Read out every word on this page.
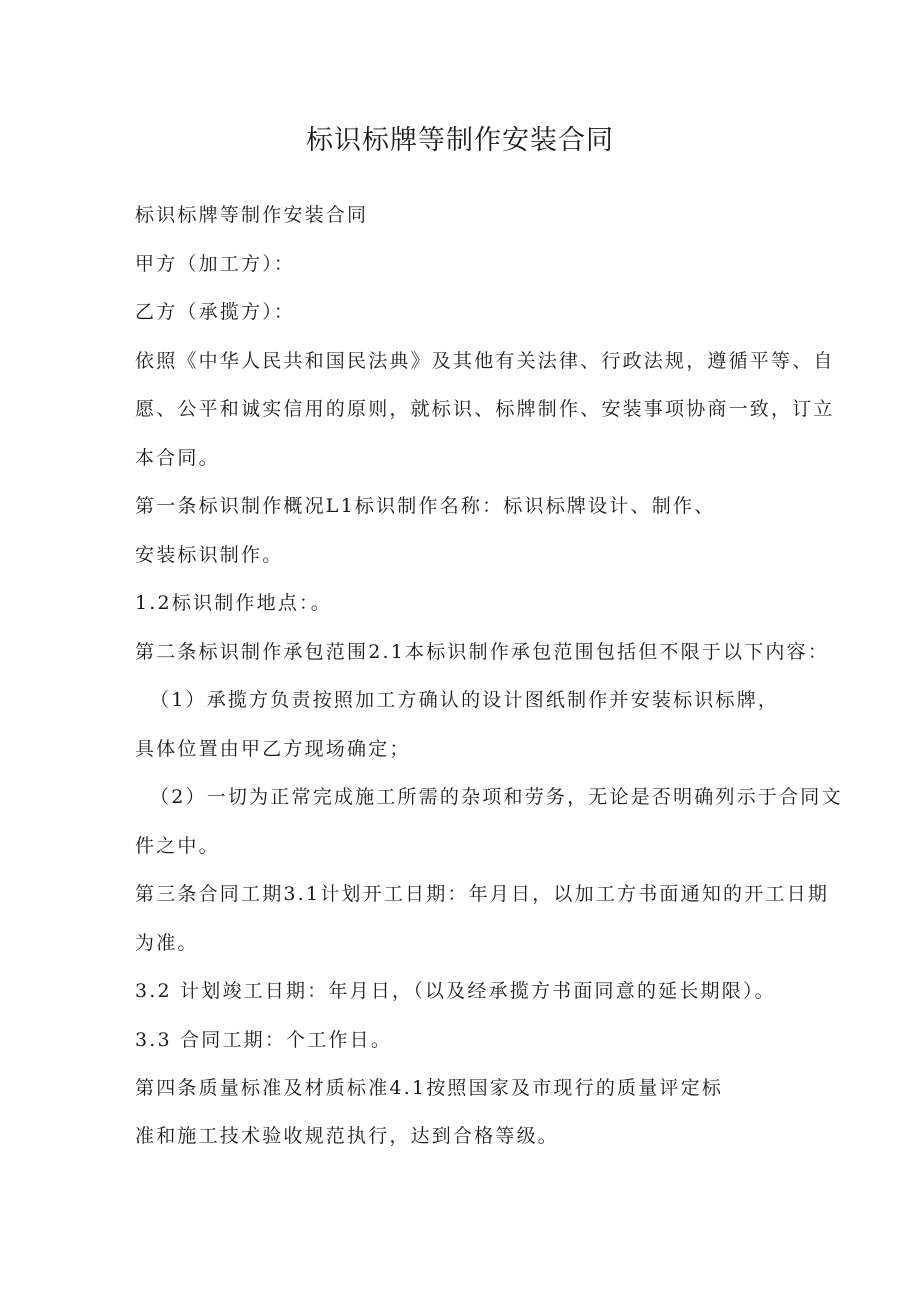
标识标牌等制作安装合同

标识标牌等制作安装合同

甲方（加工方）：

乙方（承揽方）：

依照《中华人民共和国民法典》及其他有关法律、行政法规，遵循平等、自

愿、公平和诚实信用的原则，就标识、标牌制作、安装事项协商一致，订立

本合同。

第一条标识制作概况L1标识制作名称：标识标牌设计、制作、

安装标识制作。

1.2标识制作地点：。

第二条标识制作承包范围2.1本标识制作承包范围包括但不限于以下内容：

（1）承揽方负责按照加工方确认的设计图纸制作并安装标识标牌，

具体位置由甲乙方现场确定；

（2）一切为正常完成施工所需的杂项和劳务，无论是否明确列示于合同文

件之中。

第三条合同工期3.1计划开工日期：年月日，以加工方书面通知的开工日期

为准。

3.2 计划竣工日期：年月日，（以及经承揽方书面同意的延长期限）。

3.3 合同工期：个工作日。

第四条质量标准及材质标准4.1按照国家及市现行的质量评定标

准和施工技术验收规范执行，达到合格等级。
